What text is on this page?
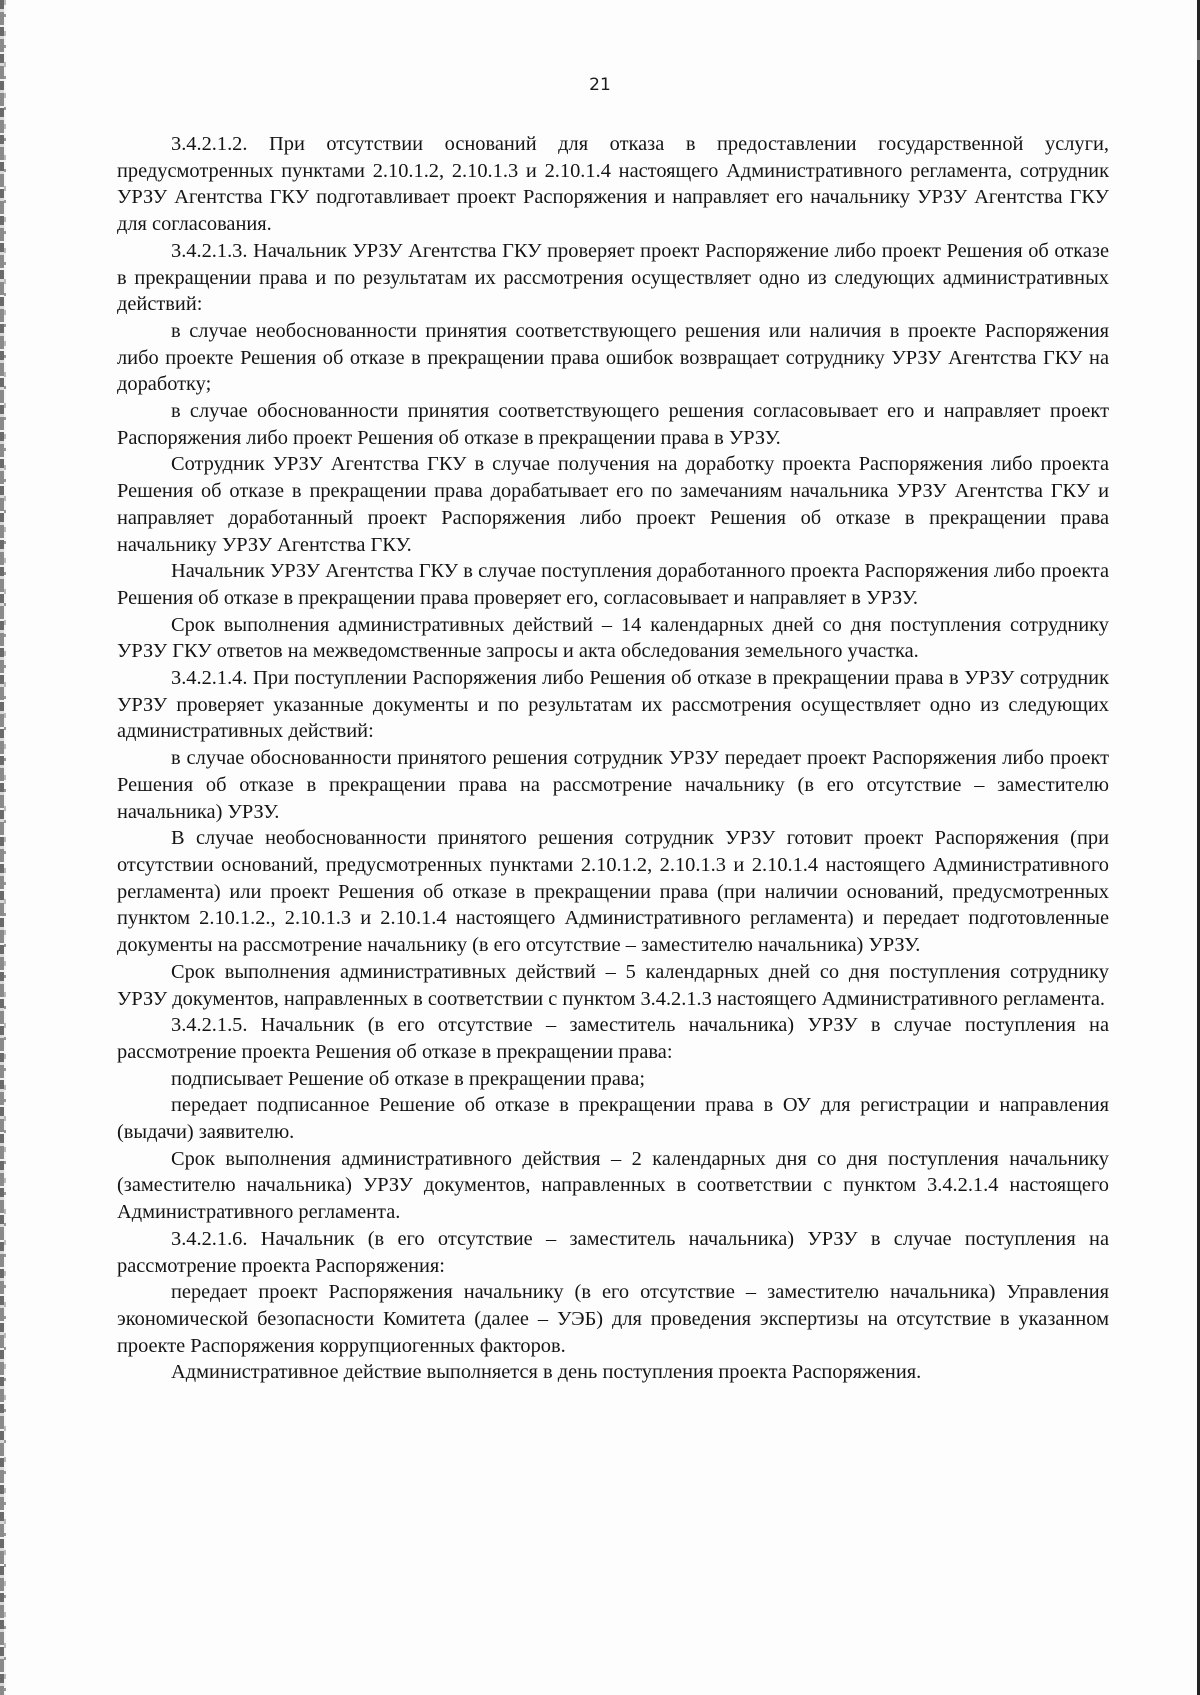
21

3.4.2.1.2. При отсутствии оснований для отказа в предоставлении государственной услуги, предусмотренных пунктами 2.10.1.2, 2.10.1.3 и 2.10.1.4 настоящего Административного регламента, сотрудник УРЗУ Агентства ГКУ подготавливает проект Распоряжения и направляет его начальнику УРЗУ Агентства ГКУ для согласования.

3.4.2.1.3. Начальник УРЗУ Агентства ГКУ проверяет проект Распоряжение либо проект Решения об отказе в прекращении права и по результатам их рассмотрения осуществляет одно из следующих административных действий:

в случае необоснованности принятия соответствующего решения или наличия в проекте Распоряжения либо проекте Решения об отказе в прекращении права ошибок возвращает сотруднику УРЗУ Агентства ГКУ на доработку;

в случае обоснованности принятия соответствующего решения согласовывает его и направляет проект Распоряжения либо проект Решения об отказе в прекращении права в УРЗУ.

Сотрудник УРЗУ Агентства ГКУ в случае получения на доработку проекта Распоряжения либо проекта Решения об отказе в прекращении права дорабатывает его по замечаниям начальника УРЗУ Агентства ГКУ и направляет доработанный проект Распоряжения либо проект Решения об отказе в прекращении права начальнику УРЗУ Агентства ГКУ.

Начальник УРЗУ Агентства ГКУ в случае поступления доработанного проекта Распоряжения либо проекта Решения об отказе в прекращении права проверяет его, согласовывает и направляет в УРЗУ.

Срок выполнения административных действий – 14 календарных дней со дня поступления сотруднику УРЗУ ГКУ ответов на межведомственные запросы и акта обследования земельного участка.

3.4.2.1.4. При поступлении Распоряжения либо Решения об отказе в прекращении права в УРЗУ сотрудник УРЗУ проверяет указанные документы и по результатам их рассмотрения осуществляет одно из следующих административных действий:

в случае обоснованности принятого решения сотрудник УРЗУ передает проект Распоряжения либо проект Решения об отказе в прекращении права на рассмотрение начальнику (в его отсутствие – заместителю начальника) УРЗУ.

В случае необоснованности принятого решения сотрудник УРЗУ готовит проект Распоряжения (при отсутствии оснований, предусмотренных пунктами 2.10.1.2, 2.10.1.3 и 2.10.1.4 настоящего Административного регламента) или проект Решения об отказе в прекращении права (при наличии оснований, предусмотренных пунктом 2.10.1.2., 2.10.1.3 и 2.10.1.4 настоящего Административного регламента) и передает подготовленные документы на рассмотрение начальнику (в его отсутствие – заместителю начальника) УРЗУ.

Срок выполнения административных действий – 5 календарных дней со дня поступления сотруднику УРЗУ документов, направленных в соответствии с пунктом 3.4.2.1.3 настоящего Административного регламента.

3.4.2.1.5. Начальник (в его отсутствие – заместитель начальника) УРЗУ в случае поступления на рассмотрение проекта Решения об отказе в прекращении права:

подписывает Решение об отказе в прекращении права;

передает подписанное Решение об отказе в прекращении права в ОУ для регистрации и направления (выдачи) заявителю.

Срок выполнения административного действия – 2 календарных дня со дня поступления начальнику (заместителю начальника) УРЗУ документов, направленных в соответствии с пунктом 3.4.2.1.4 настоящего Административного регламента.

3.4.2.1.6. Начальник (в его отсутствие – заместитель начальника) УРЗУ в случае поступления на рассмотрение проекта Распоряжения:

передает проект Распоряжения начальнику (в его отсутствие – заместителю начальника) Управления экономической безопасности Комитета (далее – УЭБ) для проведения экспертизы на отсутствие в указанном проекте Распоряжения коррупциогенных факторов.

Административное действие выполняется в день поступления проекта Распоряжения.
